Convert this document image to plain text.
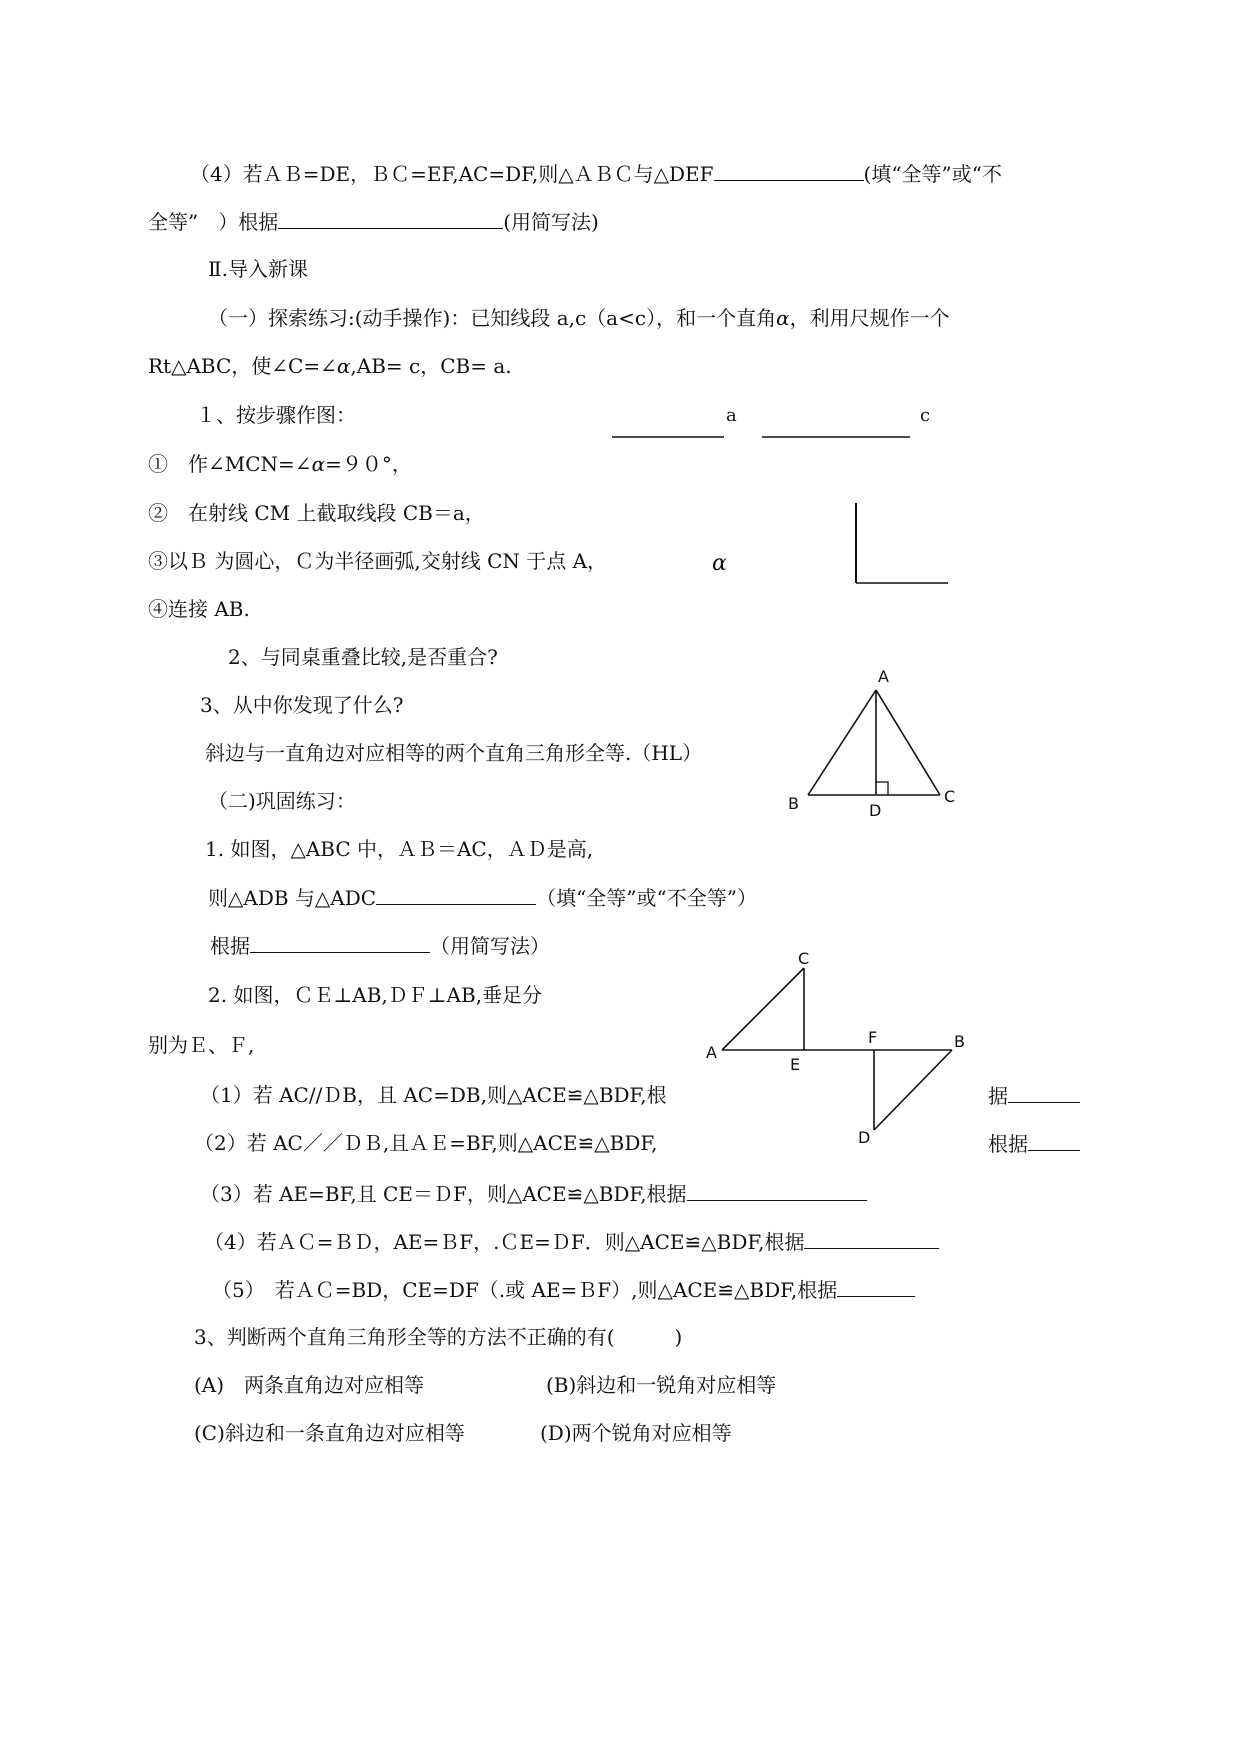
（4）若ＡＢ=DE，ＢＣ=EF,AC=DF,则△ＡＢＣ与△DEF	(填“全等”或“不
全等”　）根据	(用简写法)
Ⅱ.导入新课
（一）探索练习:(动手操作)：已知线段 a,c（a<c），和一个直角α，利用尺规作一个
Rt△ABC，使∠C=∠α,AB= c，CB= a.
１、按步骤作图：
①　作∠MCN=∠α=９０°，
②　在射线 CM 上截取线段 CB＝a，
③以Ｂ 为圆心，Ｃ为半径画弧,交射线 CN 于点 A，
④连接 AB.
2、与同桌重叠比较,是否重合?
3、从中你发现了什么?
斜边与一直角边对应相等的两个直角三角形全等.（HL）
（二)巩固练习：
1. 如图，△ABC 中，ＡＢ＝AC，ＡＤ是高,
则△ADB 与△ADC	（填“全等”或“不全等”）
根据	（用简写法）
2. 如图，ＣＥ⊥AB,ＤＦ⊥AB,垂足分
别为Ｅ、Ｆ,
（1）若 AC//ＤB，且 AC=DB,则△ACE≌△BDF,根	据
（2）若 AC／／ＤＢ,且ＡＥ=BF,则△ACE≌△BDF,	根据
（3）若 AE=BF,且 CE＝ＤF，则△ACE≌△BDF,根据
（4）若ＡＣ=ＢＤ，AE=ＢF，.ＣE=ＤF．则△ACE≌△BDF,根据
（5）　若ＡＣ=BD，CE=DF（.或 AE=ＢF）,则△ACE≌△BDF,根据
3、判断两个直角三角形全等的方法不正确的有(　　　)
(A)　两条直角边对应相等	(B)斜边和一锐角对应相等
(C)斜边和一条直角边对应相等	(D)两个锐角对应相等
a	c
α
A
B	C
D
A
C
E
F	B
D
